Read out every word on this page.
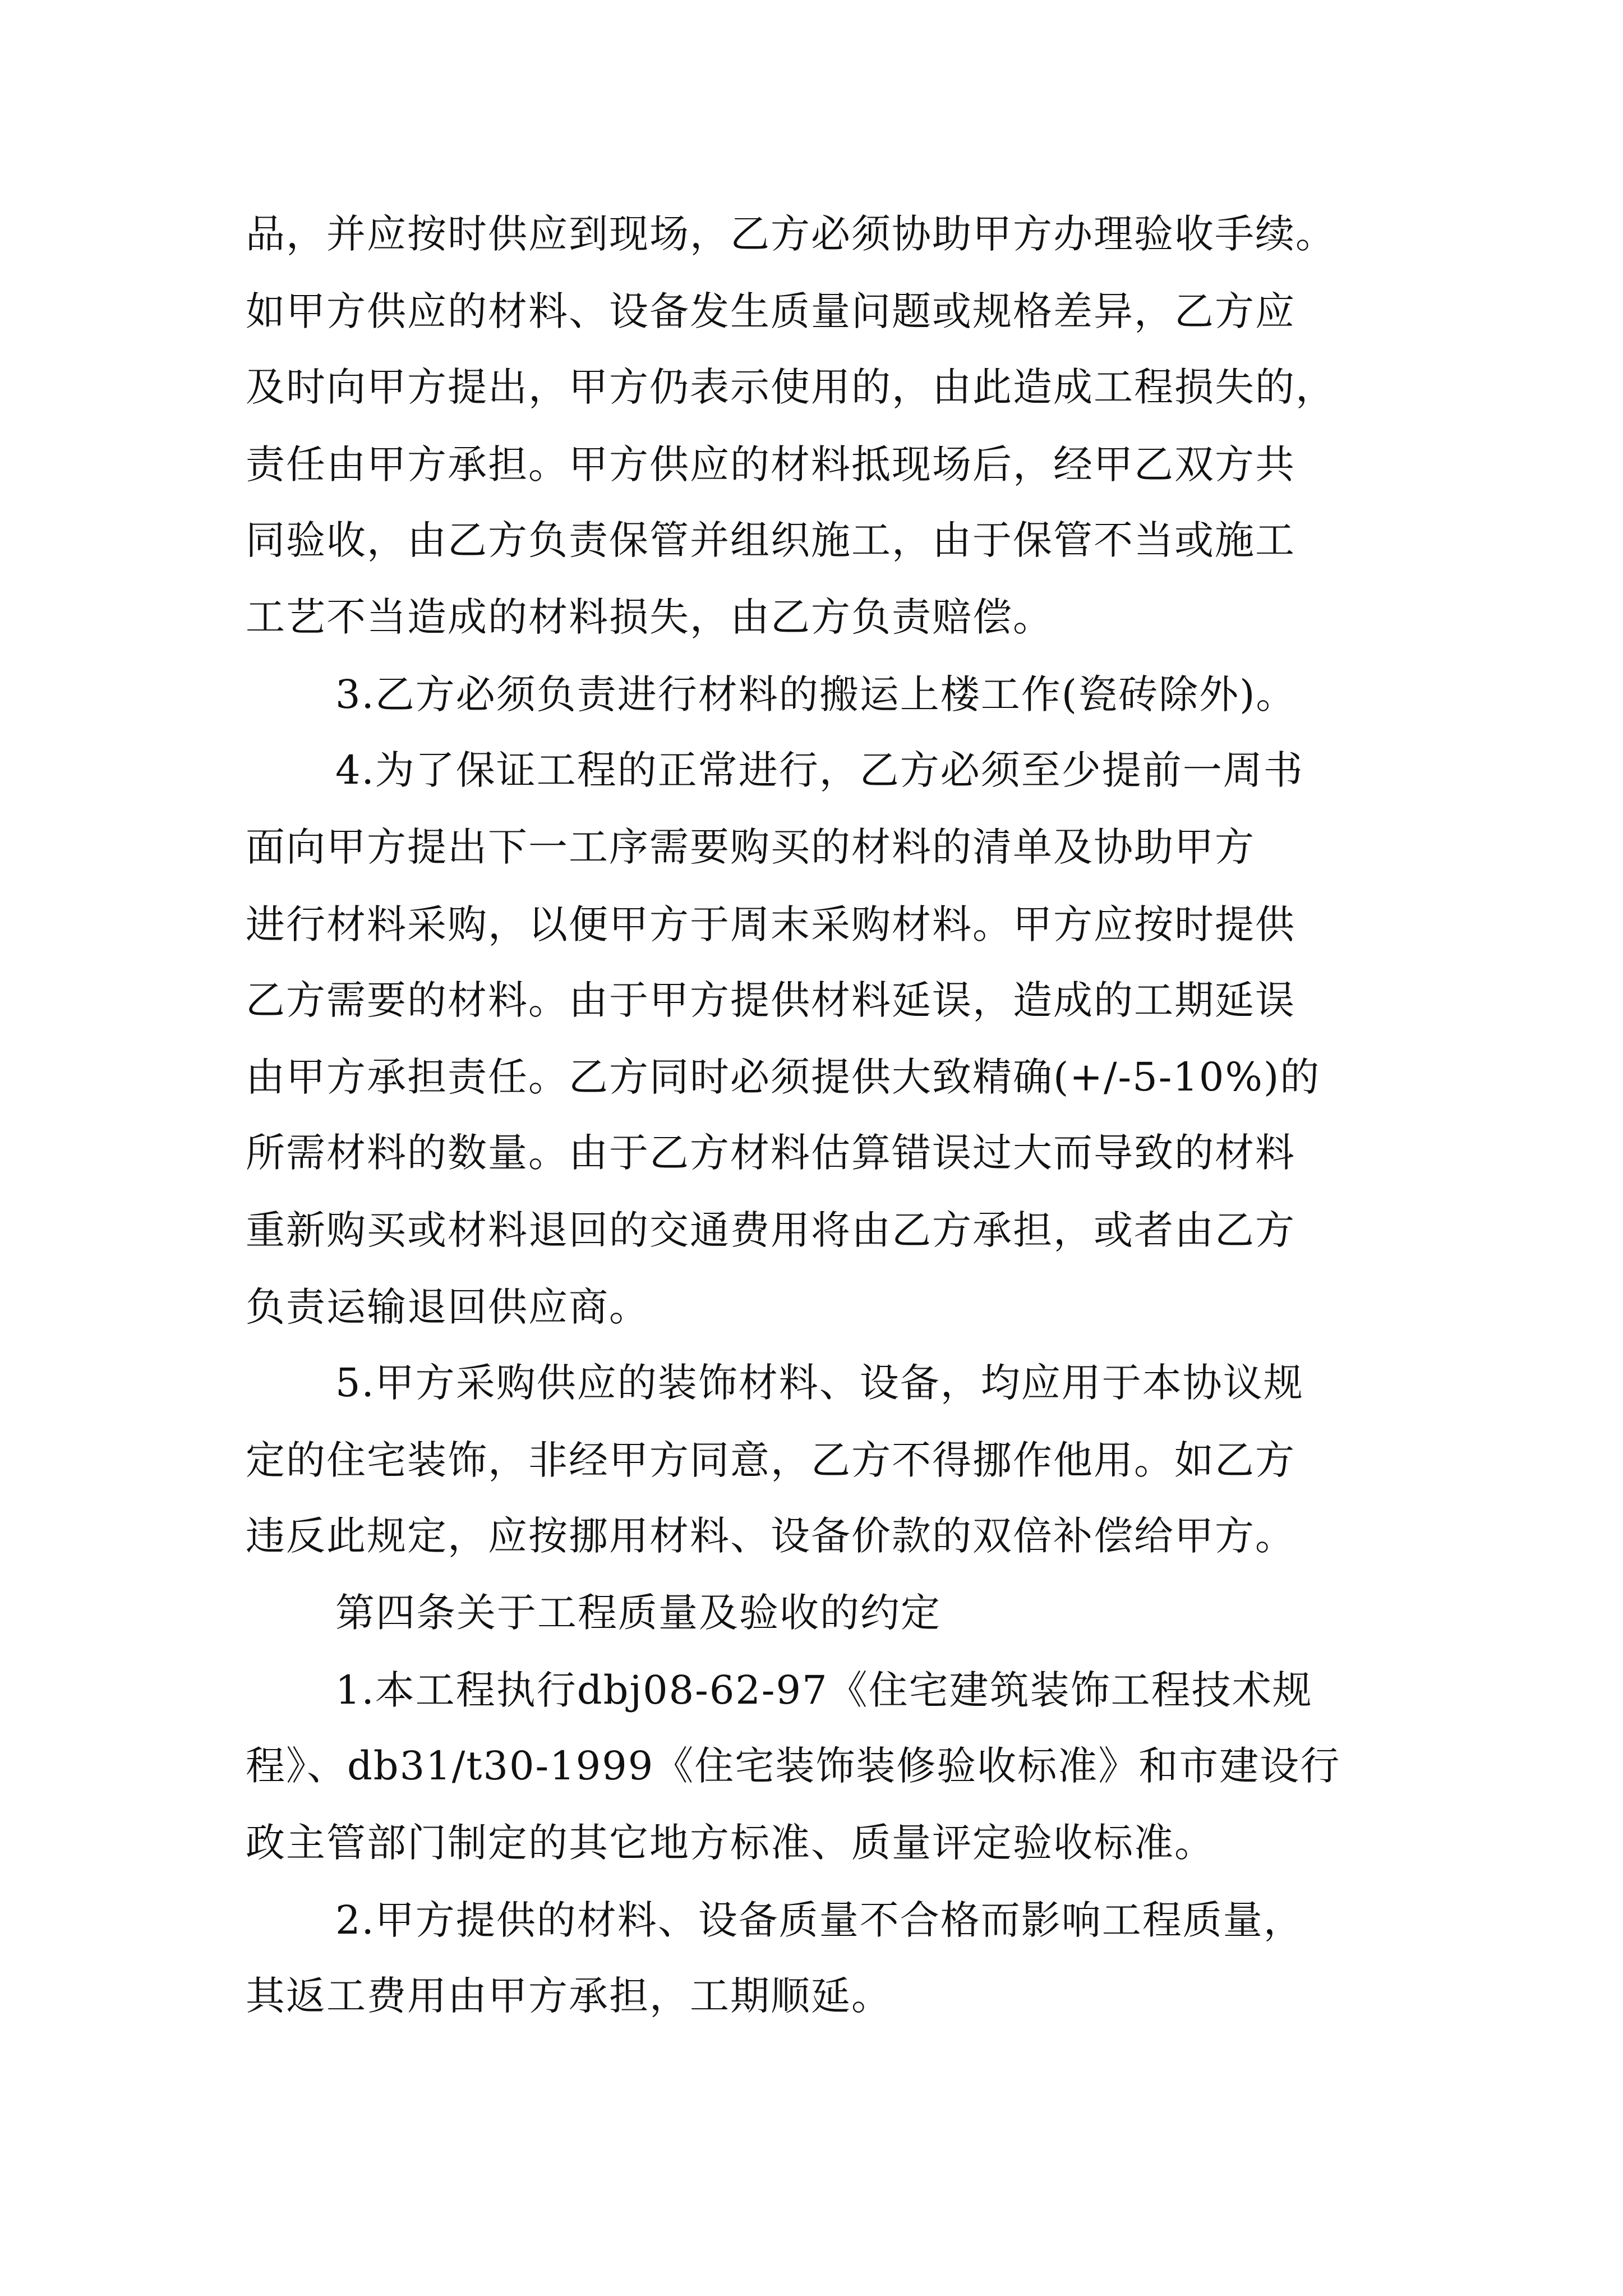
品，并应按时供应到现场，乙方必须协助甲方办理验收手续。
如甲方供应的材料、设备发生质量问题或规格差异，乙方应
及时向甲方提出，甲方仍表示使用的，由此造成工程损失的，
责任由甲方承担。甲方供应的材料抵现场后，经甲乙双方共
同验收，由乙方负责保管并组织施工，由于保管不当或施工
工艺不当造成的材料损失，由乙方负责赔偿。
3.乙方必须负责进行材料的搬运上楼工作(瓷砖除外)。
4.为了保证工程的正常进行，乙方必须至少提前一周书
面向甲方提出下一工序需要购买的材料的清单及协助甲方
进行材料采购，以便甲方于周末采购材料。甲方应按时提供
乙方需要的材料。由于甲方提供材料延误，造成的工期延误
由甲方承担责任。乙方同时必须提供大致精确(+/-5-10%)的
所需材料的数量。由于乙方材料估算错误过大而导致的材料
重新购买或材料退回的交通费用将由乙方承担，或者由乙方
负责运输退回供应商。
5.甲方采购供应的装饰材料、设备，均应用于本协议规
定的住宅装饰，非经甲方同意，乙方不得挪作他用。如乙方
违反此规定，应按挪用材料、设备价款的双倍补偿给甲方。
第四条关于工程质量及验收的约定
1.本工程执行dbj08-62-97《住宅建筑装饰工程技术规
程》、db31/t30-1999《住宅装饰装修验收标准》和市建设行
政主管部门制定的其它地方标准、质量评定验收标准。
2.甲方提供的材料、设备质量不合格而影响工程质量，
其返工费用由甲方承担，工期顺延。
